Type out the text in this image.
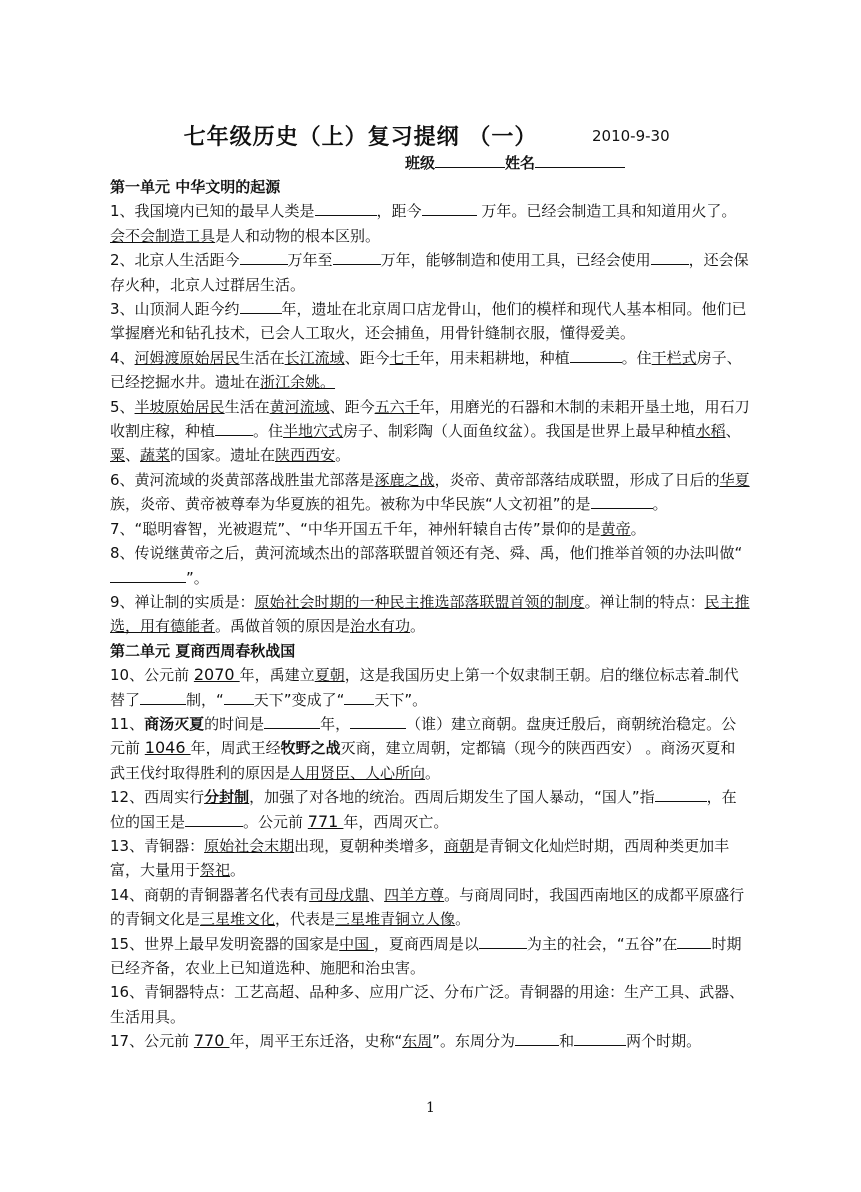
七年级历史（上）复习提纲 （一）	2010-9-30
班级	姓名

第一单元 中华文明的起源

1、我国境内已知的最早人类是	，距今	万年。已经会制造工具和知道用火了。会不会制造工具是人和动物的根本区别。

2、北京人生活距今	万年至	万年，能够制造和使用工具，已经会使用	，还会保存火种，北京人过群居生活。

3、山顶洞人距今约	年，遗址在北京周口店龙骨山，他们的模样和现代人基本相同。他们已掌握磨光和钻孔技术，已会人工取火，还会捕鱼，用骨针缝制衣服，懂得爱美。

4、河姆渡原始居民生活在长江流域、距今七千年，用耒耜耕地，种植	。住干栏式房子、已经挖掘水井。遗址在浙江余姚。

5、半坡原始居民生活在黄河流域、距今五六千年，用磨光的石器和木制的耒耜开垦土地，用石刀收割庄稼，种植	。住半地穴式房子、制彩陶（人面鱼纹盆）。我国是世界上最早种植水稻、粟、蔬菜的国家。遗址在陕西西安。

6、黄河流域的炎黄部落战胜蚩尤部落是涿鹿之战，炎帝、黄帝部落结成联盟，形成了日后的华夏族，炎帝、黄帝被尊奉为华夏族的祖先。被称为中华民族“人文初祖”的是	。

7、“聪明睿智，光被遐荒”、“中华开国五千年，神州轩辕自古传”景仰的是黄帝。

8、传说继黄帝之后，黄河流域杰出的部落联盟首领还有尧、舜、禹，他们推举首领的办法叫做“”。

9、禅让制的实质是：原始社会时期的一种民主推选部落联盟首领的制度。禅让制的特点：民主推选，用有德能者。禹做首领的原因是治水有功。

第二单元 夏商西周春秋战国

10、公元前 2070 年，禹建立夏朝，这是我国历史上第一个奴隶制王朝。启的继位标志着 制代替了	制，“ 天下”变成了“ 天下”。

11、商汤灭夏的时间是	年，	（谁）建立商朝。盘庚迁殷后，商朝统治稳定。公元前 1046 年，周武王经牧野之战灭商，建立周朝，定都镐（现今的陕西西安） 。商汤灭夏和武王伐纣取得胜利的原因是人用贤臣、人心所向。

12、西周实行分封制，加强了对各地的统治。西周后期发生了国人暴动，“国人”指	，在位的国王是	。公元前 771 年，西周灭亡。

13、青铜器：原始社会末期出现，夏朝种类增多，商朝是青铜文化灿烂时期，西周种类更加丰富，大量用于祭祀。

14、商朝的青铜器著名代表有司母戊鼎、四羊方尊。与商周同时，我国西南地区的成都平原盛行的青铜文化是三星堆文化，代表是三星堆青铜立人像。

15、世界上最早发明瓷器的国家是中国 ，夏商西周是以	为主的社会，“五谷”在 时期已经齐备，农业上已知道选种、施肥和治虫害。

16、青铜器特点：工艺高超、品种多、应用广泛、分布广泛。青铜器的用途：生产工具、武器、生活用具。

17、公元前 770 年，周平王东迁洛，史称“东周”。东周分为	和	两个时期。

1
